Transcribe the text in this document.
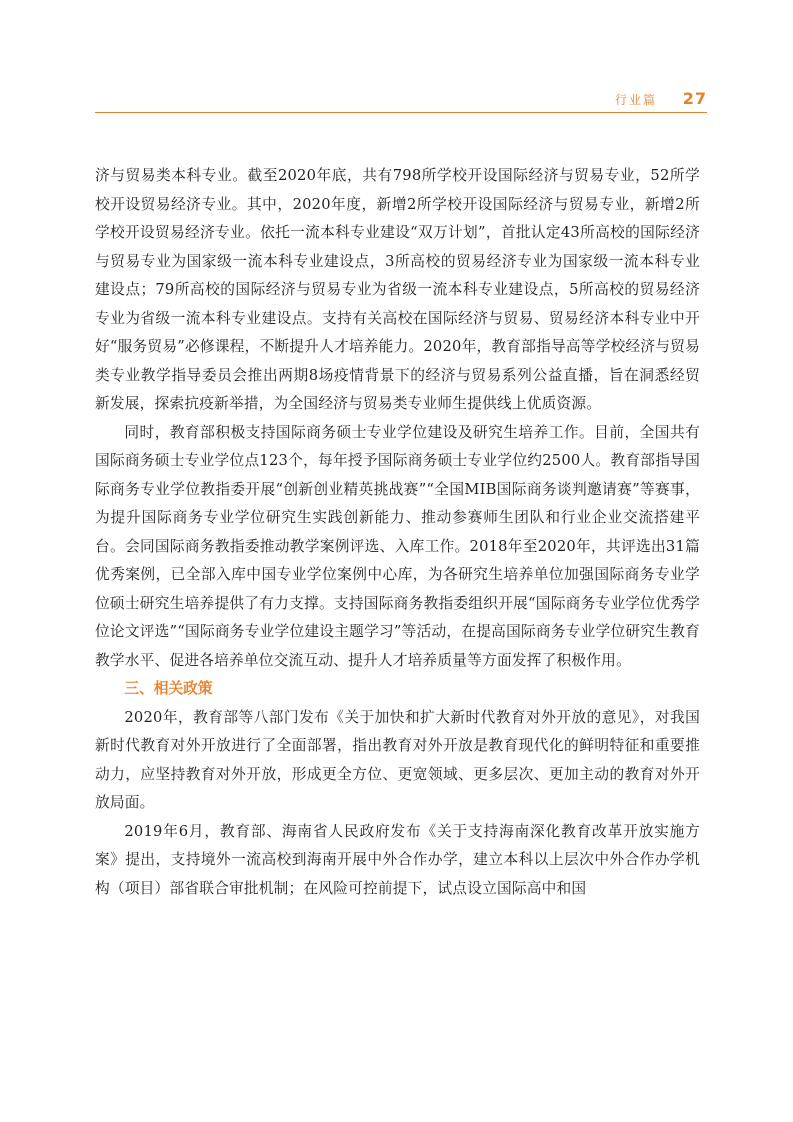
行业篇 27

济与贸易类本科专业。截至2020年底，共有798所学校开设国际经济与贸易专业，52所学校开设贸易经济专业。其中，2020年度，新增2所学校开设国际经济与贸易专业，新增2所学校开设贸易经济专业。依托一流本科专业建设“双万计划”，首批认定43所高校的国际经济与贸易专业为国家级一流本科专业建设点，3所高校的贸易经济专业为国家级一流本科专业建设点；79所高校的国际经济与贸易专业为省级一流本科专业建设点，5所高校的贸易经济专业为省级一流本科专业建设点。支持有关高校在国际经济与贸易、贸易经济本科专业中开好“服务贸易”必修课程，不断提升人才培养能力。2020年，教育部指导高等学校经济与贸易类专业教学指导委员会推出两期8场疫情背景下的经济与贸易系列公益直播，旨在洞悉经贸新发展，探索抗疫新举措，为全国经济与贸易类专业师生提供线上优质资源。

同时，教育部积极支持国际商务硕士专业学位建设及研究生培养工作。目前，全国共有国际商务硕士专业学位点123个，每年授予国际商务硕士专业学位约2500人。教育部指导国际商务专业学位教指委开展“创新创业精英挑战赛”“全国MIB国际商务谈判邀请赛”等赛事，为提升国际商务专业学位研究生实践创新能力、推动参赛师生团队和行业企业交流搭建平台。会同国际商务教指委推动教学案例评选、入库工作。2018年至2020年，共评选出31篇优秀案例，已全部入库中国专业学位案例中心库，为各研究生培养单位加强国际商务专业学位硕士研究生培养提供了有力支撑。支持国际商务教指委组织开展“国际商务专业学位优秀学位论文评选”“国际商务专业学位建设主题学习”等活动，在提高国际商务专业学位研究生教育教学水平、促进各培养单位交流互动、提升人才培养质量等方面发挥了积极作用。

三、相关政策

2020年，教育部等八部门发布《关于加快和扩大新时代教育对外开放的意见》，对我国新时代教育对外开放进行了全面部署，指出教育对外开放是教育现代化的鲜明特征和重要推动力，应坚持教育对外开放，形成更全方位、更宽领域、更多层次、更加主动的教育对外开放局面。

2019年6月，教育部、海南省人民政府发布《关于支持海南深化教育改革开放实施方案》提出，支持境外一流高校到海南开展中外合作办学，建立本科以上层次中外合作办学机构（项目）部省联合审批机制；在风险可控前提下，试点设立国际高中和国
